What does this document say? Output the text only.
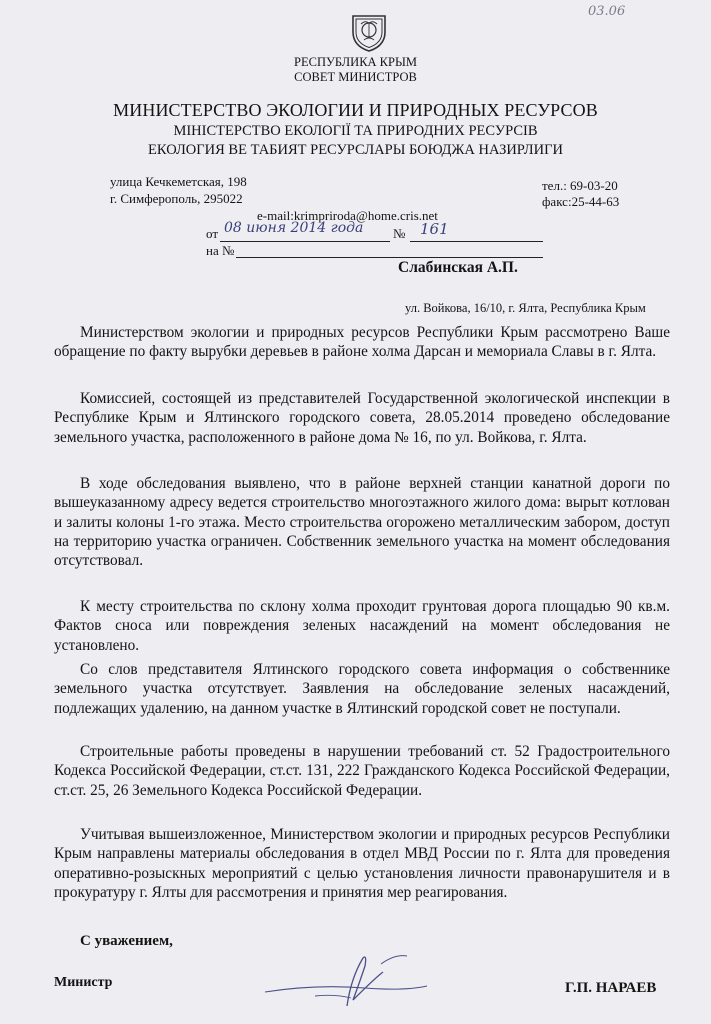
03.06
РЕСПУБЛИКА КРЫМ
СОВЕТ МИНИСТРОВ
МИНИСТЕРСТВО ЭКОЛОГИИ И ПРИРОДНЫХ РЕСУРСОВ
МІНІСТЕРСТВО ЕКОЛОГІЇ ТА ПРИРОДНИХ РЕСУРСІВ
ЕКОЛОГИЯ ВЕ ТАБИЯТ РЕСУРСЛАРЫ БОЮДЖА НАЗИРЛИГИ
улица Кечкеметская, 198
г. Симферополь, 295022
тел.: 69-03-20
факс:25-44-63
e-mail:krimpriroda@home.cris.net
от 08 июня 2014 года № 161
на №
Слабинская А.П.
ул. Войкова, 16/10, г. Ялта, Республика Крым

Министерством экологии и природных ресурсов Республики Крым рассмотрено Ваше обращение по факту вырубки деревьев в районе холма Дарсан и мемориала Славы в г. Ялта.

Комиссией, состоящей из представителей Государственной экологической инспекции в Республике Крым и Ялтинского городского совета, 28.05.2014 проведено обследование земельного участка, расположенного в районе дома № 16, по ул. Войкова, г. Ялта.

В ходе обследования выявлено, что в районе верхней станции канатной дороги по вышеуказанному адресу ведется строительство многоэтажного жилого дома: вырыт котлован и залиты колоны 1-го этажа. Место строительства огорожено металлическим забором, доступ на территорию участка ограничен. Собственник земельного участка на момент обследования отсутствовал.

К месту строительства по склону холма проходит грунтовая дорога площадью 90 кв.м. Фактов сноса или повреждения зеленых насаждений на момент обследования не установлено.

Со слов представителя Ялтинского городского совета информация о собственнике земельного участка отсутствует. Заявления на обследование зеленых насаждений, подлежащих удалению, на данном участке в Ялтинский городской совет не поступали.

Строительные работы проведены в нарушении требований ст. 52 Градостроительного Кодекса Российской Федерации, ст.ст. 131, 222 Гражданского Кодекса Российской Федерации, ст.ст. 25, 26 Земельного Кодекса Российской Федерации.

Учитывая вышеизложенное, Министерством экологии и природных ресурсов Республики Крым направлены материалы обследования в отдел МВД России по г. Ялта для проведения оперативно-розыскных мероприятий с целью установления личности правонарушителя и в прокуратуру г. Ялты для рассмотрения и принятия мер реагирования.

С уважением,
Министр	Г.П. НАРАЕВ
